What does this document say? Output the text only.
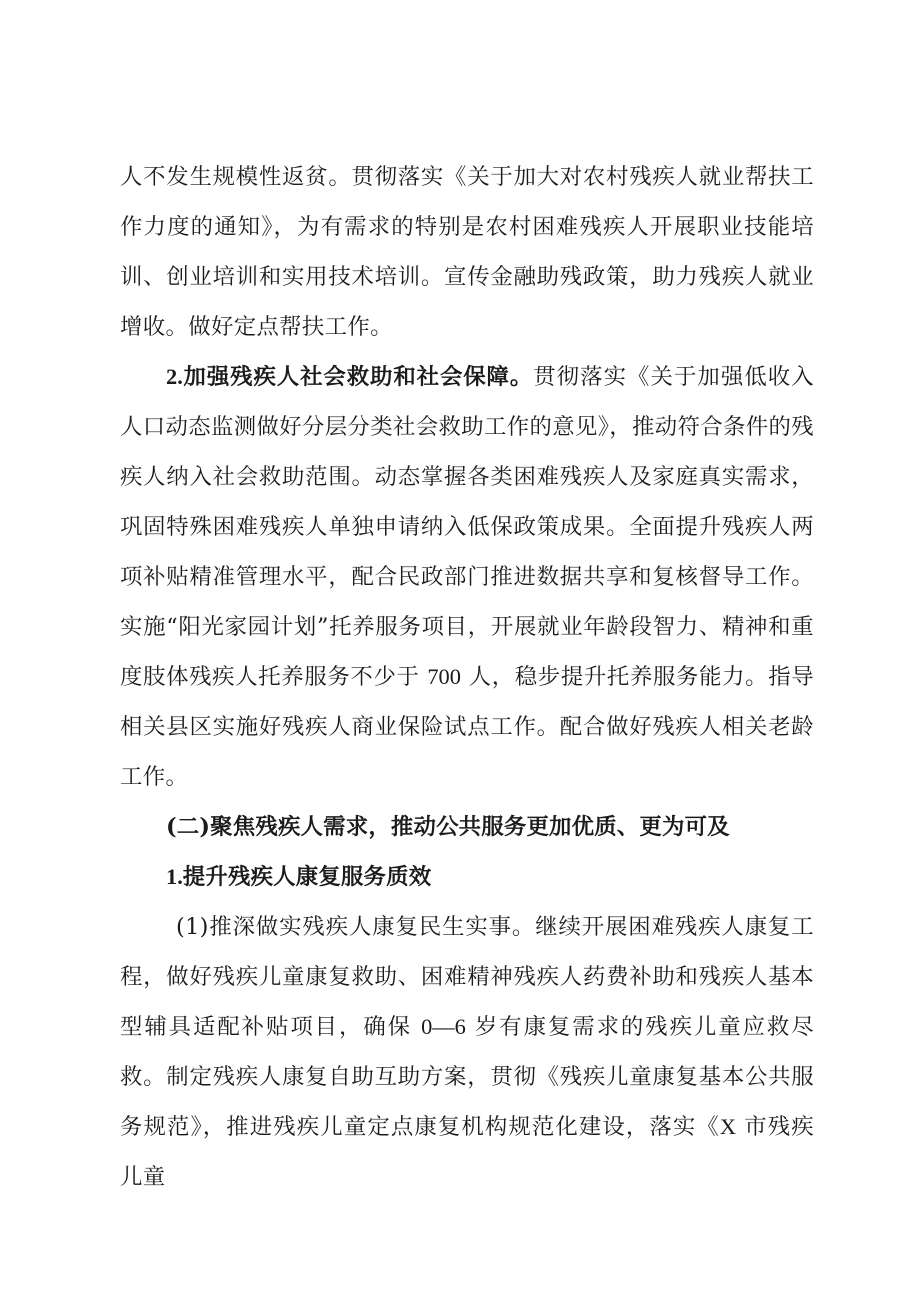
人不发生规模性返贫。贯彻落实《关于加大对农村残疾人就业帮扶工作力度的通知》，为有需求的特别是农村困难残疾人开展职业技能培训、创业培训和实用技术培训。宣传金融助残政策，助力残疾人就业增收。做好定点帮扶工作。

2.加强残疾人社会救助和社会保障。贯彻落实《关于加强低收入人口动态监测做好分层分类社会救助工作的意见》，推动符合条件的残疾人纳入社会救助范围。动态掌握各类困难残疾人及家庭真实需求，巩固特殊困难残疾人单独申请纳入低保政策成果。全面提升残疾人两项补贴精准管理水平，配合民政部门推进数据共享和复核督导工作。实施“阳光家园计划”托养服务项目，开展就业年龄段智力、精神和重度肢体残疾人托养服务不少于 700 人，稳步提升托养服务能力。指导相关县区实施好残疾人商业保险试点工作。配合做好残疾人相关老龄工作。

(二)聚焦残疾人需求，推动公共服务更加优质、更为可及

1.提升残疾人康复服务质效

(1)推深做实残疾人康复民生实事。继续开展困难残疾人康复工程，做好残疾儿童康复救助、困难精神残疾人药费补助和残疾人基本型辅具适配补贴项目，确保 0—6 岁有康复需求的残疾儿童应救尽救。制定残疾人康复自助互助方案，贯彻《残疾儿童康复基本公共服务规范》，推进残疾儿童定点康复机构规范化建设，落实《X 市残疾儿童
